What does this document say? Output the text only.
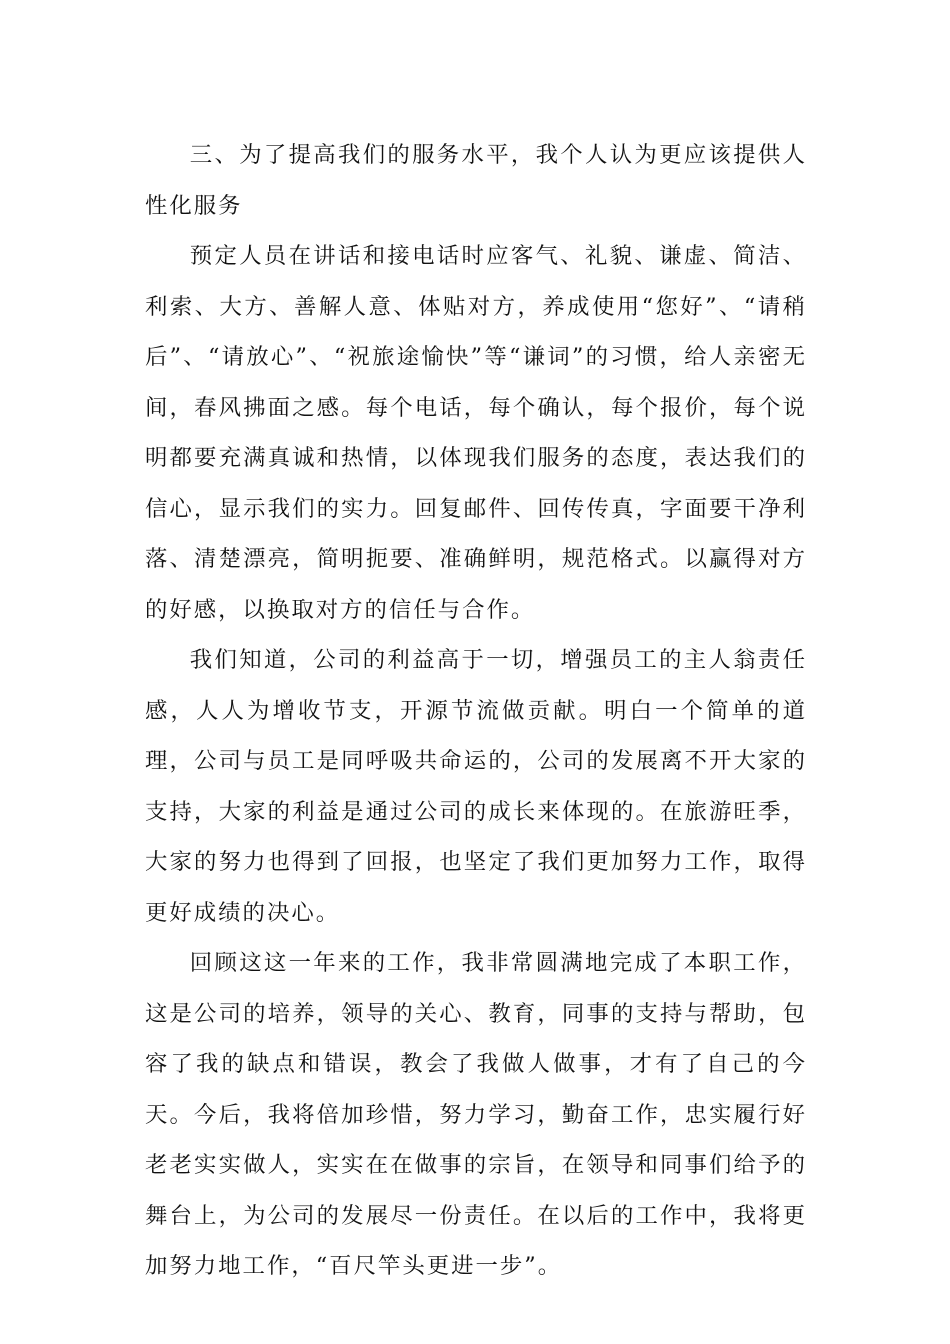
三、为了提高我们的服务水平，我个人认为更应该提供人性化服务

预定人员在讲话和接电话时应客气、礼貌、谦虚、简洁、利索、大方、善解人意、体贴对方，养成使用“您好”、“请稍后”、“请放心”、“祝旅途愉快”等“谦词”的习惯，给人亲密无间，春风拂面之感。每个电话，每个确认，每个报价，每个说明都要充满真诚和热情，以体现我们服务的态度，表达我们的信心，显示我们的实力。回复邮件、回传传真，字面要干净利落、清楚漂亮，简明扼要、准确鲜明，规范格式。以赢得对方的好感，以换取对方的信任与合作。

我们知道，公司的利益高于一切，增强员工的主人翁责任感，人人为增收节支，开源节流做贡献。明白一个简单的道理，公司与员工是同呼吸共命运的，公司的发展离不开大家的支持，大家的利益是通过公司的成长来体现的。在旅游旺季，大家的努力也得到了回报，也坚定了我们更加努力工作，取得更好成绩的决心。

回顾这这一年来的工作，我非常圆满地完成了本职工作，这是公司的培养，领导的关心、教育，同事的支持与帮助，包容了我的缺点和错误，教会了我做人做事，才有了自己的今天。今后，我将倍加珍惜，努力学习，勤奋工作，忠实履行好老老实实做人，实实在在做事的宗旨，在领导和同事们给予的舞台上，为公司的发展尽一份责任。在以后的工作中，我将更加努力地工作，“百尺竿头更进一步”。
